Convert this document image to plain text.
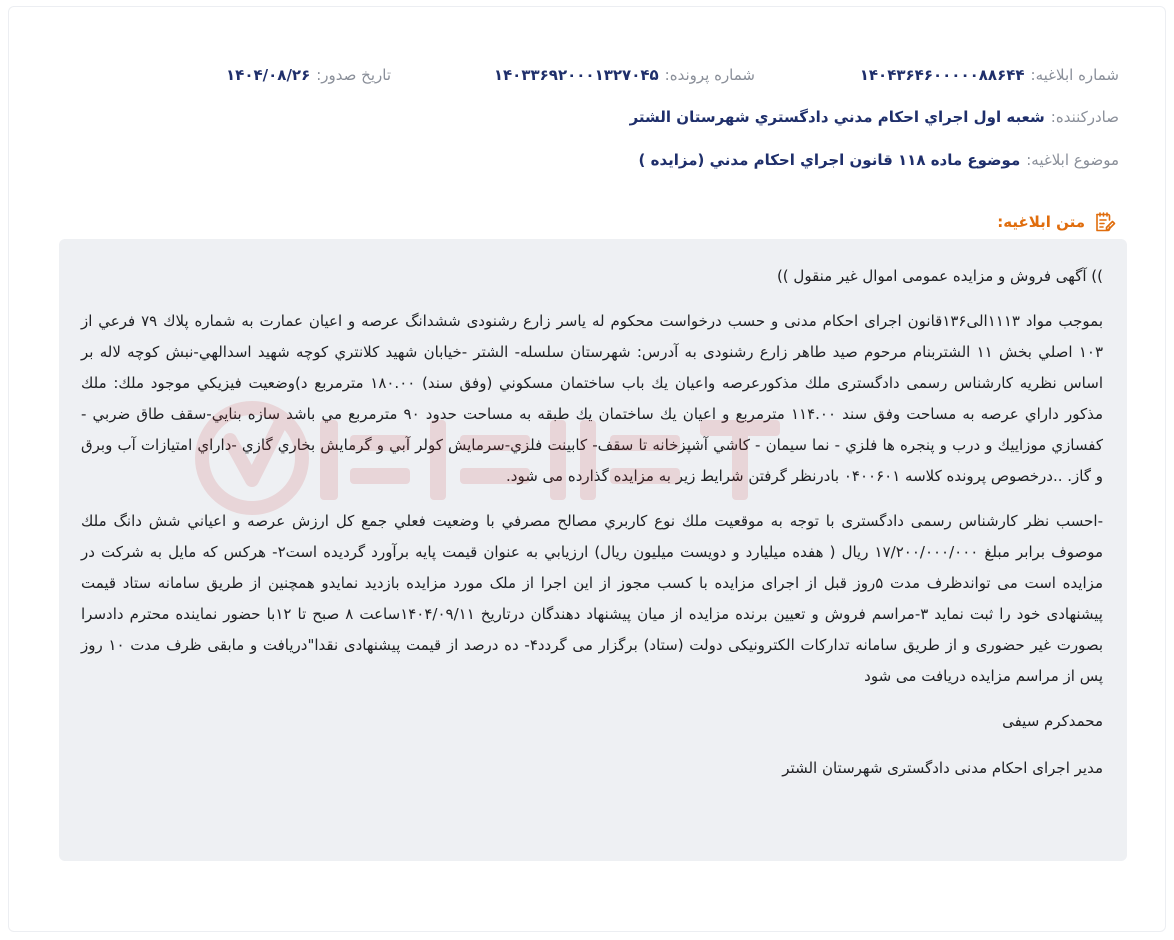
شماره ابلاغیه:
۱۴۰۴۳۶۴۶۰۰۰۰۰۸۸۶۴۴
شماره پرونده:
۱۴۰۳۳۶۹۲۰۰۰۱۳۲۷۰۴۵
تاریخ صدور:
۱۴۰۴/۰۸/۲۶
صادرکننده:
شعبه اول اجراي احكام مدني دادگستري شهرستان الشتر
موضوع ابلاغیه:
موضوع ماده ۱۱۸ قانون اجراي احكام مدني (مزايده )
متن ابلاغیه:

)) آگهی فروش و مزایده عمومی اموال غیر منقول ))

بموجب مواد ۱۱۱۳الی۱۳۶قانون اجرای احکام مدنی و حسب درخواست محکوم له یاسر زارع رشنودی ششدانگ عرصه و اعیان عمارت به شماره پلاك ۷۹ فرعي از ۱۰۳ اصلي بخش ۱۱ الشتربنام مرحوم صيد طاهر زارع رشنودی به آدرس: شهرستان سلسله- الشتر -خيابان شهيد كلانتري كوچه شهيد اسدالهي-نبش كوچه لاله بر اساس نظريه كارشناس رسمی دادگستری ملك مذكورعرصه واعيان يك باب ساختمان مسكوني (وفق سند) ۱۸۰.۰۰ مترمربع د)وضعيت فيزيكي موجود ملك: ملك مذكور داراي عرصه به مساحت وفق سند ۱۱۴.۰۰ مترمربع و اعيان يك ساختمان يك طبقه به مساحت حدود ۹۰ مترمربع مي باشد سازه بنايي-سقف طاق ضربي - كفسازي موزاييك و درب و پنجره ها فلزي - نما سيمان - كاشي آشپزخانه تا سقف- كابينت فلزي-سرمايش كولر آبي و گرمايش بخاري گازي -داراي امتيازات آب وبرق و گاز. ..درخصوص پرونده كلاسه ۰۴۰۰۶۰۱ بادرنظر گرفتن شرایط زیر به مزایده گذارده می شود.

-احسب نظر كارشناس رسمی دادگستری با توجه به موقعيت ملك نوع كاربري مصالح مصرفي با وضعيت فعلي جمع كل ارزش عرصه و اعياني شش دانگ ملك موصوف برابر مبلغ ۱۷/۲۰۰/۰۰۰/۰۰۰ ريال ( هفده ميليارد و دويست ميليون ريال) ارزيابي به عنوان قیمت پایه برآورد گردیده است۲- هرکس که مایل به شرکت در مزایده است می تواندظرف مدت ۵روز قبل از اجرای مزایده با کسب مجوز از این اجرا از ملک مورد مزایده بازدید نمایدو همچنین از طریق سامانه ستاد قیمت پیشنهادی خود را ثبت نماید ۳-مراسم فروش و تعیین برنده مزایده از میان پیشنهاد دهندگان درتاریخ ۱۴۰۴/۰۹/۱۱ساعت ۸ صبح تا ۱۲با حضور نماینده محترم دادسرا بصورت غیر حضوری و از طریق سامانه تدارکات الکترونیکی دولت (ستاد) برگزار می گردد۴- ده درصد از قیمت پیشنهادی نقدا"دریافت و مابقی ظرف مدت ۱۰ روز پس از مراسم مزایده دریافت می شود

محمدکرم سیفی

مدیر اجرای احکام مدنی دادگستری شهرستان الشتر
